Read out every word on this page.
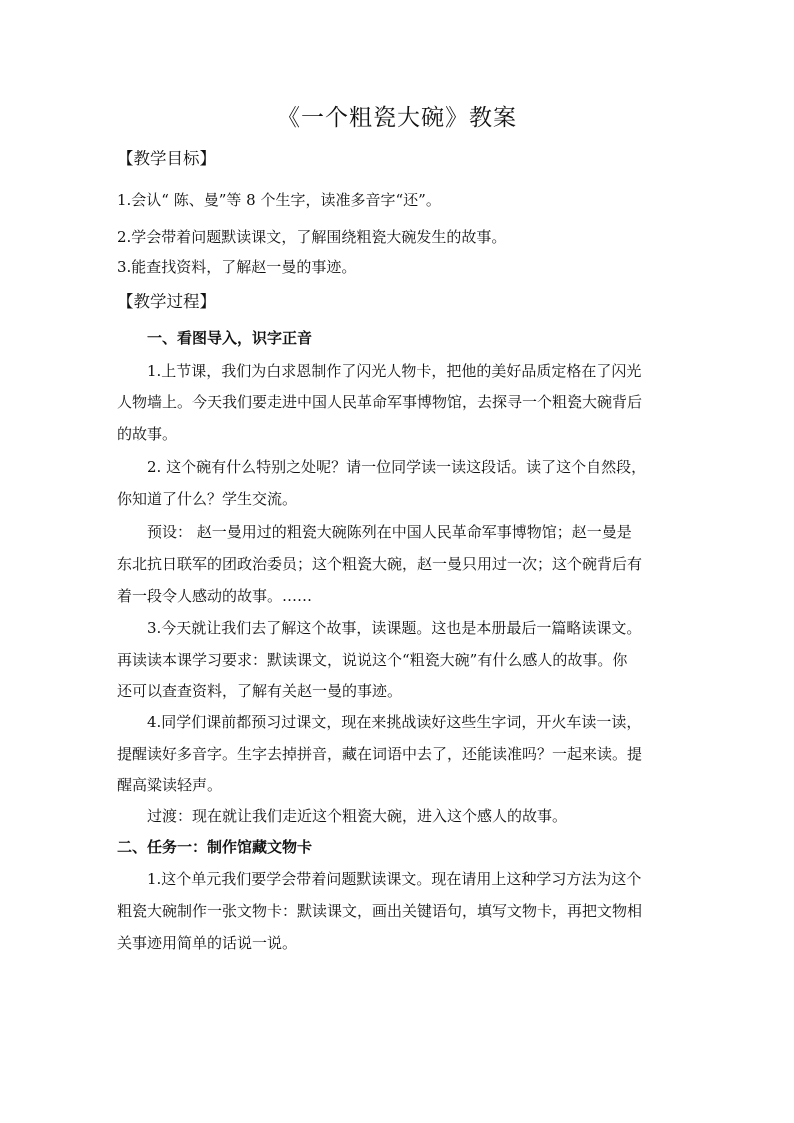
《一个粗瓷大碗》教案
【教学目标】
1.会认“ 陈、曼”等 8 个生字，读准多音字“还”。
2.学会带着问题默读课文，了解围绕粗瓷大碗发生的故事。
3.能查找资料，了解赵一曼的事迹。
【教学过程】
一、看图导入，识字正音
1.上节课，我们为白求恩制作了闪光人物卡，把他的美好品质定格在了闪光
人物墙上。今天我们要走进中国人民革命军事博物馆，去探寻一个粗瓷大碗背后
的故事。
2. 这个碗有什么特别之处呢？请一位同学读一读这段话。读了这个自然段，
你知道了什么？学生交流。
预设： 赵一曼用过的粗瓷大碗陈列在中国人民革命军事博物馆；赵一曼是
东北抗日联军的团政治委员；这个粗瓷大碗，赵一曼只用过一次；这个碗背后有
着一段令人感动的故事。……
3.今天就让我们去了解这个故事，读课题。这也是本册最后一篇略读课文。
再读读本课学习要求：默读课文，说说这个“粗瓷大碗”有什么感人的故事。你
还可以查查资料，了解有关赵一曼的事迹。
4.同学们课前都预习过课文，现在来挑战读好这些生字词，开火车读一读，
提醒读好多音字。生字去掉拼音，藏在词语中去了，还能读准吗？一起来读。提
醒高粱读轻声。
过渡：现在就让我们走近这个粗瓷大碗，进入这个感人的故事。
二、任务一：制作馆藏文物卡
1.这个单元我们要学会带着问题默读课文。现在请用上这种学习方法为这个
粗瓷大碗制作一张文物卡：默读课文，画出关键语句，填写文物卡，再把文物相
关事迹用简单的话说一说。
